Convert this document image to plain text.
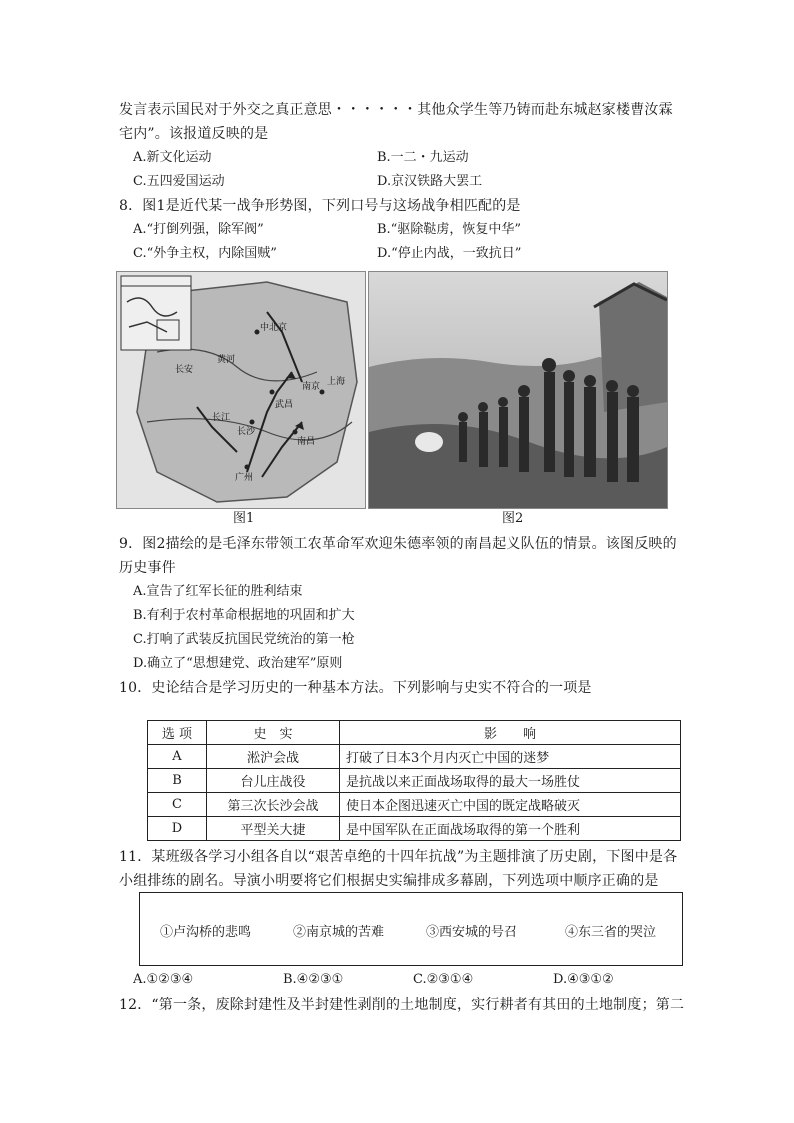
发言表示国民对于外交之真正意思・・・・・・其他众学生等乃铸而赴东城赵家楼曹汝霖
宅内”。该报道反映的是
A.新文化运动	B.一二・九运动
C.五四爱国运动	D.京汉铁路大罢工
8．图1是近代某一战争形势图，下列口号与这场战争相匹配的是
A.“打倒列强，除军阀”	B.“驱除鞑虏，恢复中华”
C.“外争主权，内除国贼”	D.“停止内战，一致抗日”
中北京
长安
南京
武昌
长沙
南昌
上海
广州
黄河
长江
图1	图2
9．图2描绘的是毛泽东带领工农革命军欢迎朱德率领的南昌起义队伍的情景。该图反映的
历史事件
A.宣告了红军长征的胜利结束
B.有利于农村革命根据地的巩固和扩大
C.打响了武装反抗国民党统治的第一枪
D.确立了“思想建党、政治建军”原则
10．史论结合是学习历史的一种基本方法。下列影响与史实不符合的一项是
选 项	史　实	影　　响
A	淞沪会战	打破了日本3个月内灭亡中国的迷梦
B	台儿庄战役	是抗战以来正面战场取得的最大一场胜仗
C	第三次长沙会战	使日本企图迅速灭亡中国的既定战略破灭
D	平型关大捷	是中国军队在正面战场取得的第一个胜利
11．某班级各学习小组各自以“艰苦卓绝的十四年抗战”为主题排演了历史剧，下图中是各
小组排练的剧名。导演小明要将它们根据史实编排成多幕剧，下列选项中顺序正确的是
①卢沟桥的悲鸣	②南京城的苦难	③西安城的号召	④东三省的哭泣
A.①②③④	B.④②③①	C.②③①④	D.④③①②
12．“第一条，废除封建性及半封建性剥削的土地制度，实行耕者有其田的土地制度；第二
